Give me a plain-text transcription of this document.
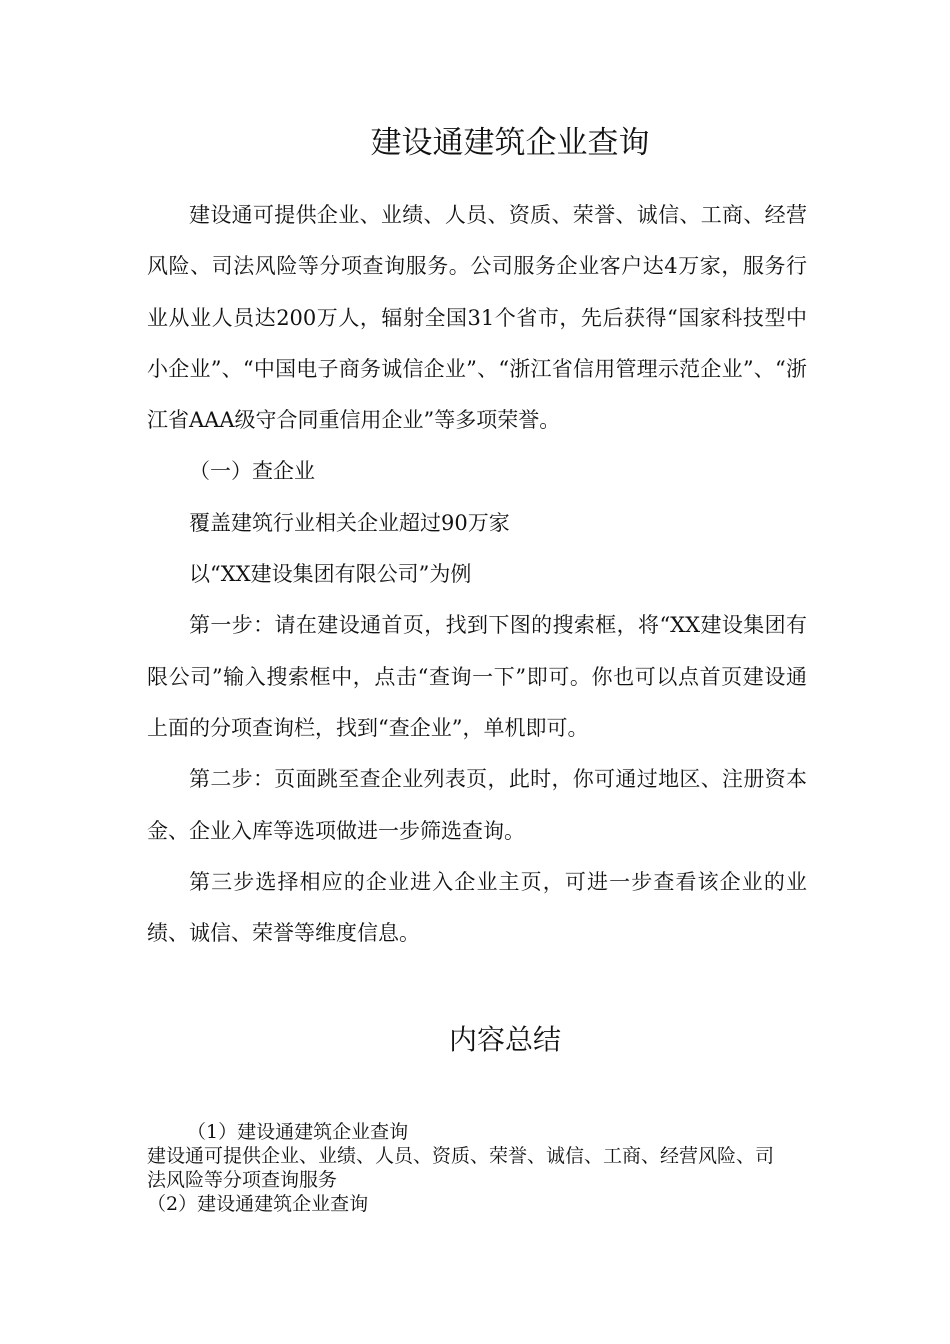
建设通建筑企业查询

建设通可提供企业、业绩、人员、资质、荣誉、诚信、工商、经营风险、司法风险等分项查询服务。公司服务企业客户达4万家，服务行业从业人员达200万人，辐射全国31个省市，先后获得“国家科技型中小企业”、“中国电子商务诚信企业”、“浙江省信用管理示范企业”、“浙江省AAA级守合同重信用企业”等多项荣誉。

（一）查企业

覆盖建筑行业相关企业超过90万家

以“XX建设集团有限公司”为例

第一步：请在建设通首页，找到下图的搜索框，将“XX建设集团有限公司”输入搜索框中，点击“查询一下”即可。你也可以点首页建设通上面的分项查询栏，找到“查企业”，单机即可。

第二步：页面跳至查企业列表页，此时，你可通过地区、注册资本金、企业入库等选项做进一步筛选查询。

第三步选择相应的企业进入企业主页，可进一步查看该企业的业绩、诚信、荣誉等维度信息。

内容总结
（1）建设通建筑企业查询
建设通可提供企业、业绩、人员、资质、荣誉、诚信、工商、经营风险、司法风险等分项查询服务
（2）建设通建筑企业查询
